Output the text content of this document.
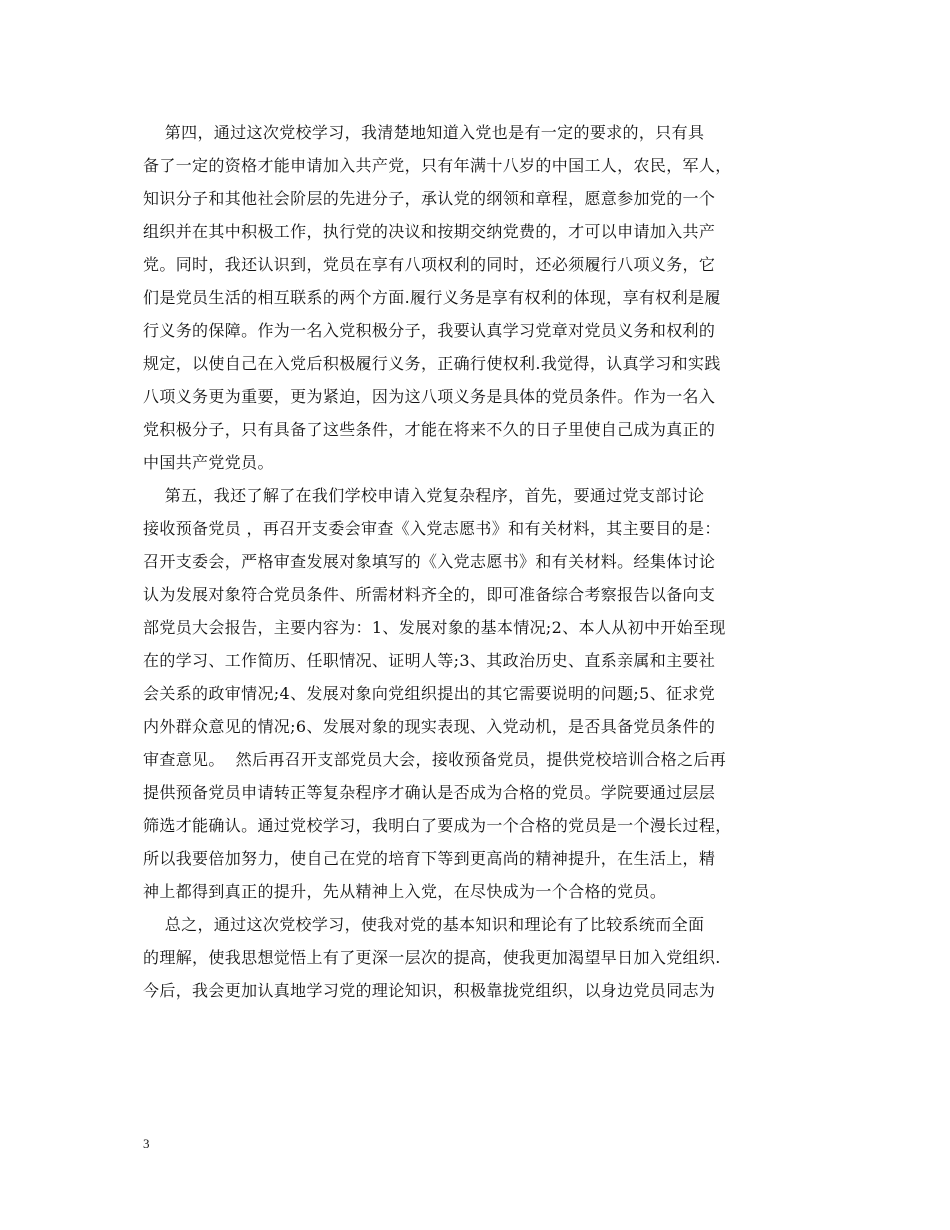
第四，通过这次党校学习，我清楚地知道入党也是有一定的要求的，只有具
备了一定的资格才能申请加入共产党，只有年满十八岁的中国工人，农民，军人，
知识分子和其他社会阶层的先进分子，承认党的纲领和章程，愿意参加党的一个
组织并在其中积极工作，执行党的决议和按期交纳党费的，才可以申请加入共产
党。同时，我还认识到，党员在享有八项权利的同时，还必须履行八项义务，它
们是党员生活的相互联系的两个方面.履行义务是享有权利的体现，享有权利是履
行义务的保障。作为一名入党积极分子，我要认真学习党章对党员义务和权利的
规定，以使自己在入党后积极履行义务，正确行使权利.我觉得，认真学习和实践
八项义务更为重要，更为紧迫，因为这八项义务是具体的党员条件。作为一名入
党积极分子，只有具备了这些条件，才能在将来不久的日子里使自己成为真正的
中国共产党党员。
第五，我还了解了在我们学校申请入党复杂程序，首先，要通过党支部讨论
接收预备党员 ，再召开支委会审查《入党志愿书》和有关材料，其主要目的是：
召开支委会，严格审查发展对象填写的《入党志愿书》和有关材料。经集体讨论
认为发展对象符合党员条件、所需材料齐全的，即可准备综合考察报告以备向支
部党员大会报告，主要内容为：1、发展对象的基本情况;2、本人从初中开始至现
在的学习、工作简历、任职情况、证明人等;3、其政治历史、直系亲属和主要社
会关系的政审情况;4、发展对象向党组织提出的其它需要说明的问题;5、征求党
内外群众意见的情况;6、发展对象的现实表现、入党动机，是否具备党员条件的
审查意见。  然后再召开支部党员大会，接收预备党员，提供党校培训合格之后再
提供预备党员申请转正等复杂程序才确认是否成为合格的党员。学院要通过层层
筛选才能确认。通过党校学习，我明白了要成为一个合格的党员是一个漫长过程，
所以我要倍加努力，使自己在党的培育下等到更高尚的精神提升，在生活上，精
神上都得到真正的提升，先从精神上入党，在尽快成为一个合格的党员。
总之，通过这次党校学习，使我对党的基本知识和理论有了比较系统而全面
的理解，使我思想觉悟上有了更深一层次的提高，使我更加渴望早日加入党组织.
今后，我会更加认真地学习党的理论知识，积极靠拢党组织，以身边党员同志为
3
